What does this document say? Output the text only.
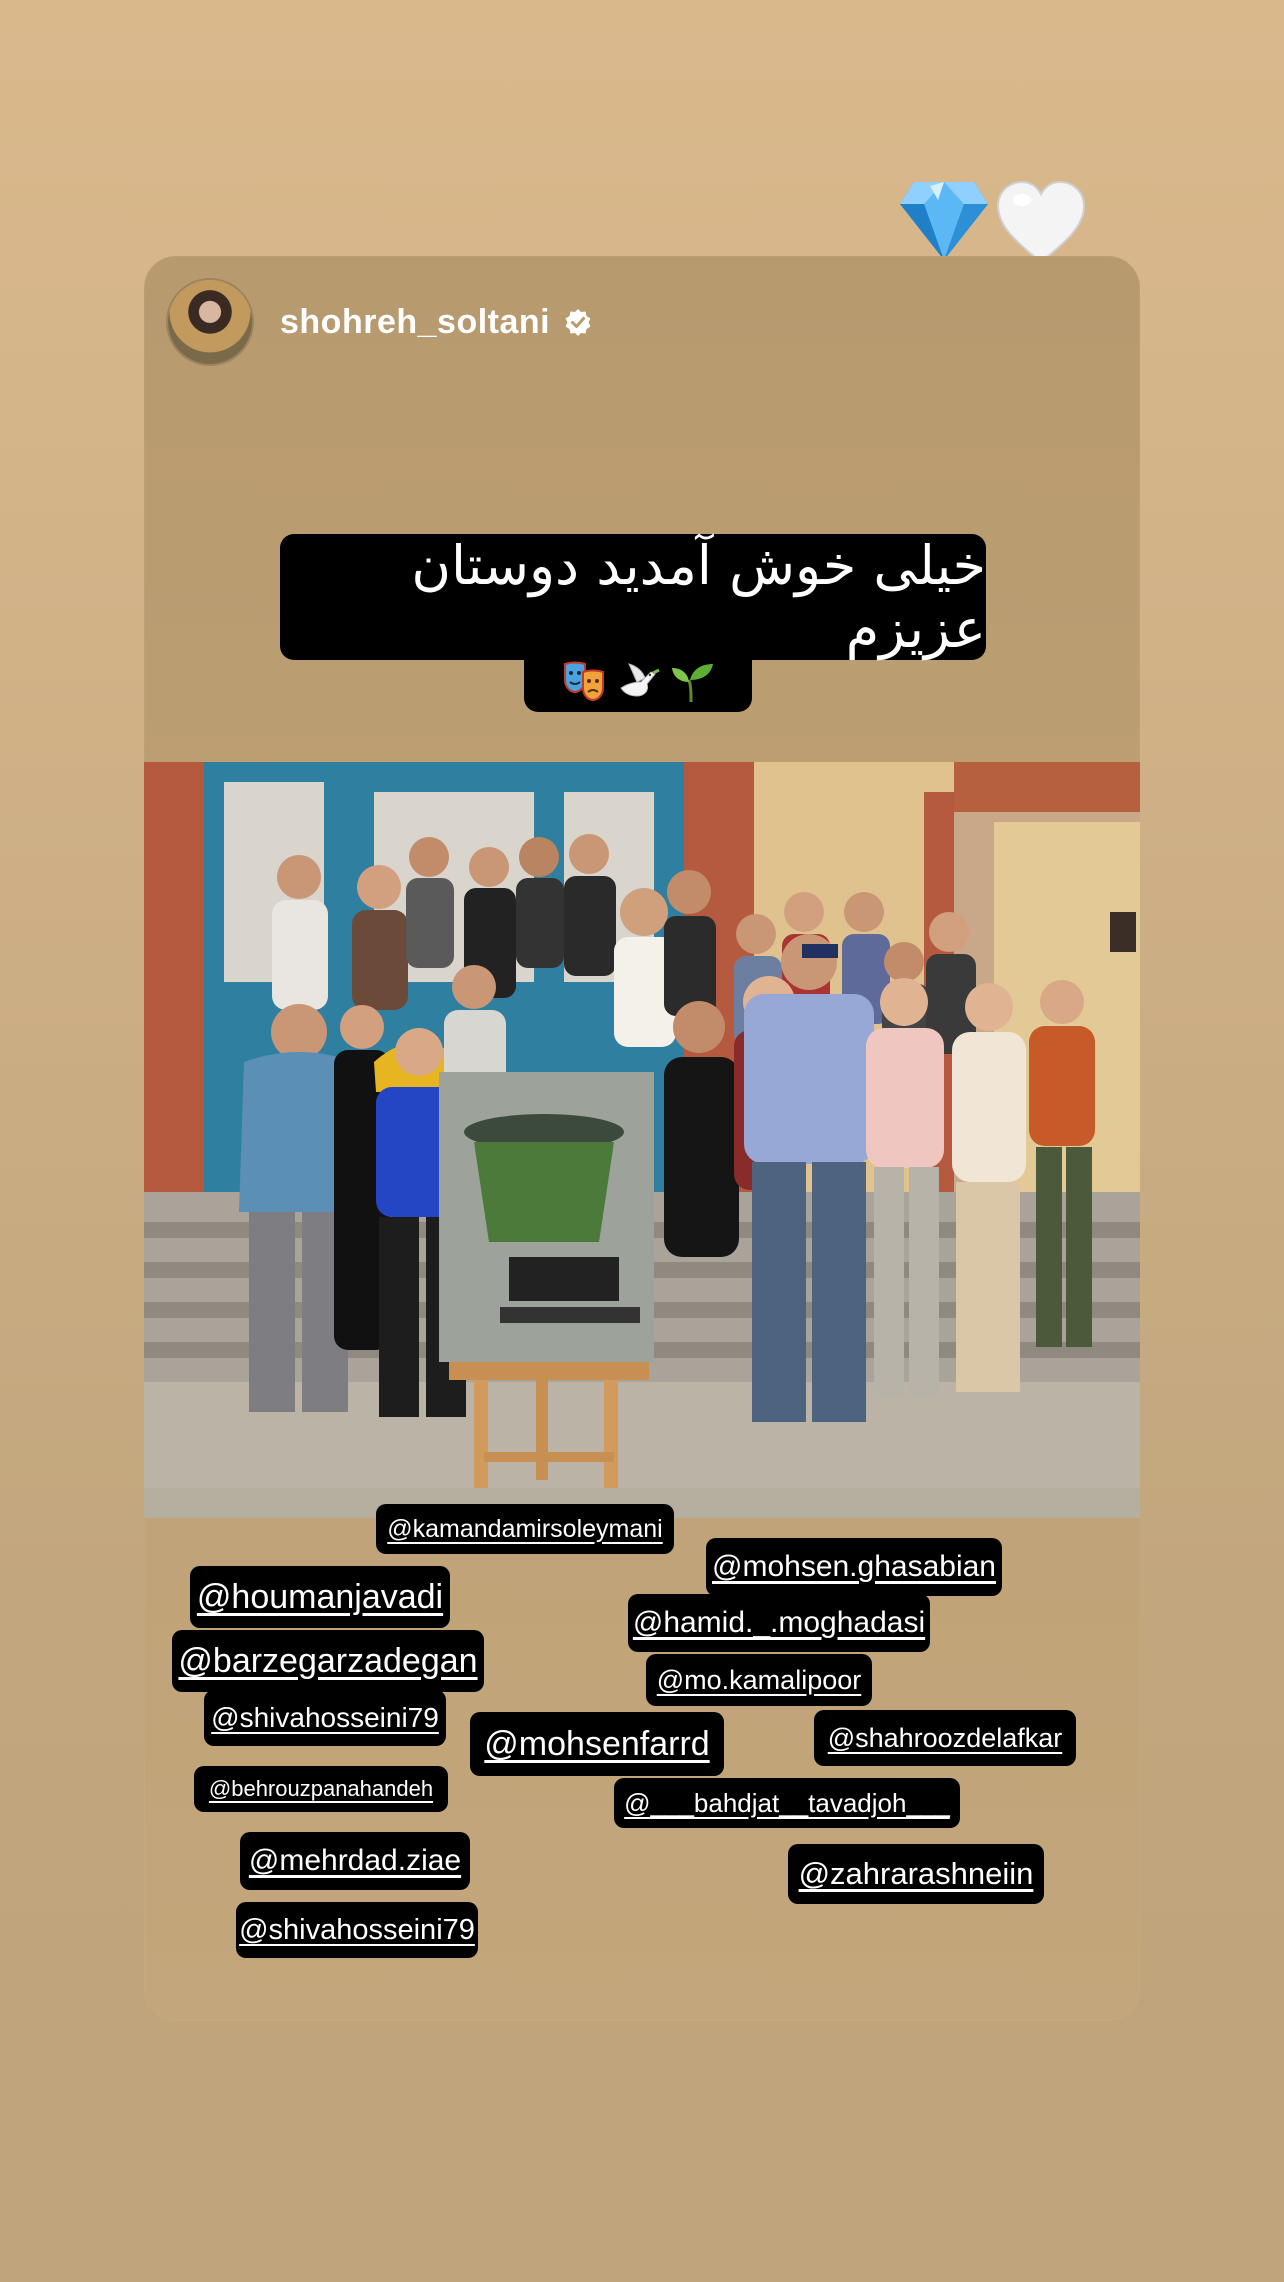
shohreh_soltani
خیلی خوش آمدید دوستان عزیزم
@kamandamirsoleymani
@mohsen.ghasabian
@houmanjavadi
@hamid._.moghadasi
@barzegarzadegan	@mo.kamalipoor
@shivahosseini79
@shahroozdelafkar
@mohsenfarrd
@behrouzpanahandeh	@___bahdjat__tavadjoh___
@mehrdad.ziae	@zahrarashneiin
@shivahosseini79
